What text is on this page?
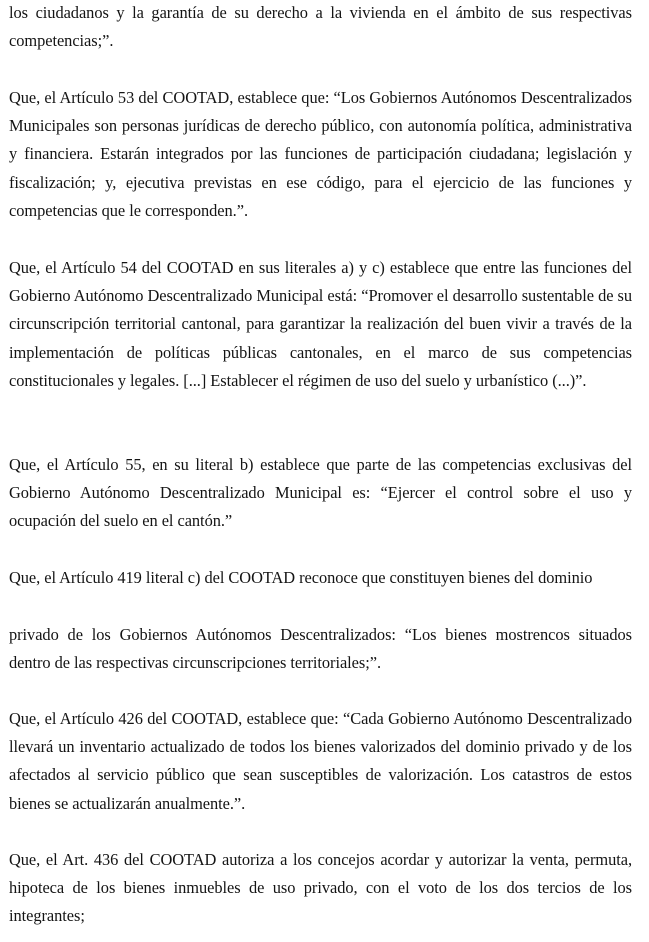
los ciudadanos y la garantía de su derecho a la vivienda en el ámbito de sus respectivas competencias;”.

Que, el Artículo 53 del COOTAD, establece que: “Los Gobiernos Autónomos Descentralizados Municipales son personas jurídicas de derecho público, con autonomía política, administrativa y financiera. Estarán integrados por las funciones de participación ciudadana; legislación y fiscalización; y, ejecutiva previstas en ese código, para el ejercicio de las funciones y competencias que le corresponden.”.

Que, el Artículo 54 del COOTAD en sus literales a) y c) establece que entre las funciones del Gobierno Autónomo Descentralizado Municipal está: “Promover el desarrollo sustentable de su circunscripción territorial cantonal, para garantizar la realización del buen vivir a través de la implementación de políticas públicas cantonales, en el marco de sus competencias constitucionales y legales. [...] Establecer el régimen de uso del suelo y urbanístico (...)”.

Que, el Artículo 55, en su literal b) establece que parte de las competencias exclusivas del Gobierno Autónomo Descentralizado Municipal es: “Ejercer el control sobre el uso y ocupación del suelo en el cantón.”

Que, el Artículo 419 literal c) del COOTAD reconoce que constituyen bienes del dominio

privado de los Gobiernos Autónomos Descentralizados: “Los bienes mostrencos situados dentro de las respectivas circunscripciones territoriales;”.

Que, el Artículo 426 del COOTAD, establece que: “Cada Gobierno Autónomo Descentralizado llevará un inventario actualizado de todos los bienes valorizados del dominio privado y de los afectados al servicio público que sean susceptibles de valorización. Los catastros de estos bienes se actualizarán anualmente.”.

Que, el Art. 436 del COOTAD autoriza a los concejos acordar y autorizar la venta, permuta, hipoteca de los bienes inmuebles de uso privado, con el voto de los dos tercios de los integrantes;
